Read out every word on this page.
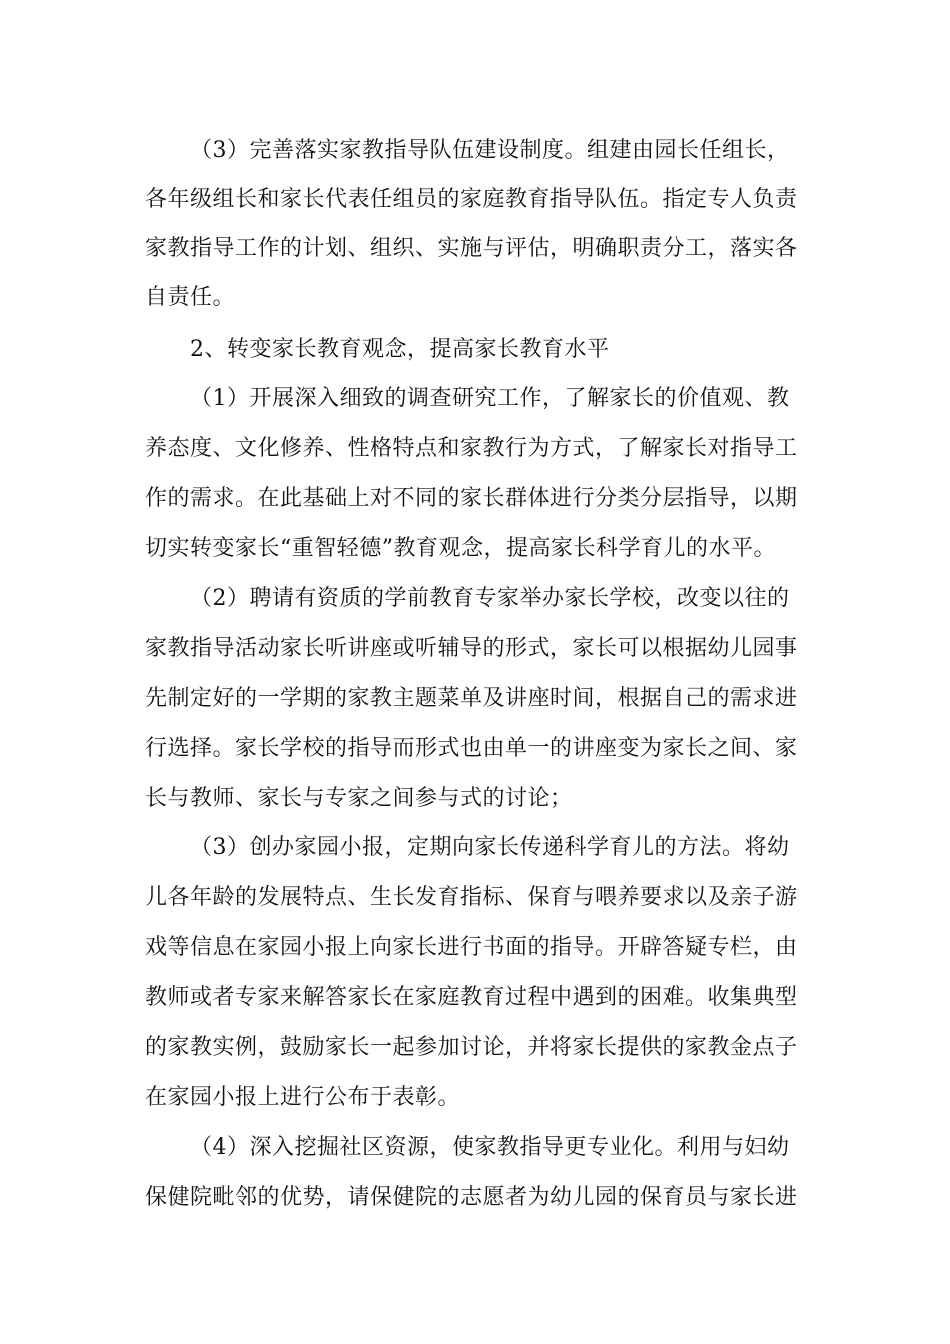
（3）完善落实家教指导队伍建设制度。组建由园长任组长，
各年级组长和家长代表任组员的家庭教育指导队伍。指定专人负责
家教指导工作的计划、组织、实施与评估，明确职责分工，落实各
自责任。
2、转变家长教育观念，提高家长教育水平
（1）开展深入细致的调查研究工作，了解家长的价值观、教
养态度、文化修养、性格特点和家教行为方式，了解家长对指导工
作的需求。在此基础上对不同的家长群体进行分类分层指导，以期
切实转变家长“重智轻德”教育观念，提高家长科学育儿的水平。
（2）聘请有资质的学前教育专家举办家长学校，改变以往的
家教指导活动家长听讲座或听辅导的形式，家长可以根据幼儿园事
先制定好的一学期的家教主题菜单及讲座时间，根据自己的需求进
行选择。家长学校的指导而形式也由单一的讲座变为家长之间、家
长与教师、家长与专家之间参与式的讨论；
（3）创办家园小报，定期向家长传递科学育儿的方法。将幼
儿各年龄的发展特点、生长发育指标、保育与喂养要求以及亲子游
戏等信息在家园小报上向家长进行书面的指导。开辟答疑专栏，由
教师或者专家来解答家长在家庭教育过程中遇到的困难。收集典型
的家教实例，鼓励家长一起参加讨论，并将家长提供的家教金点子
在家园小报上进行公布于表彰。
（4）深入挖掘社区资源，使家教指导更专业化。利用与妇幼
保健院毗邻的优势，请保健院的志愿者为幼儿园的保育员与家长进
